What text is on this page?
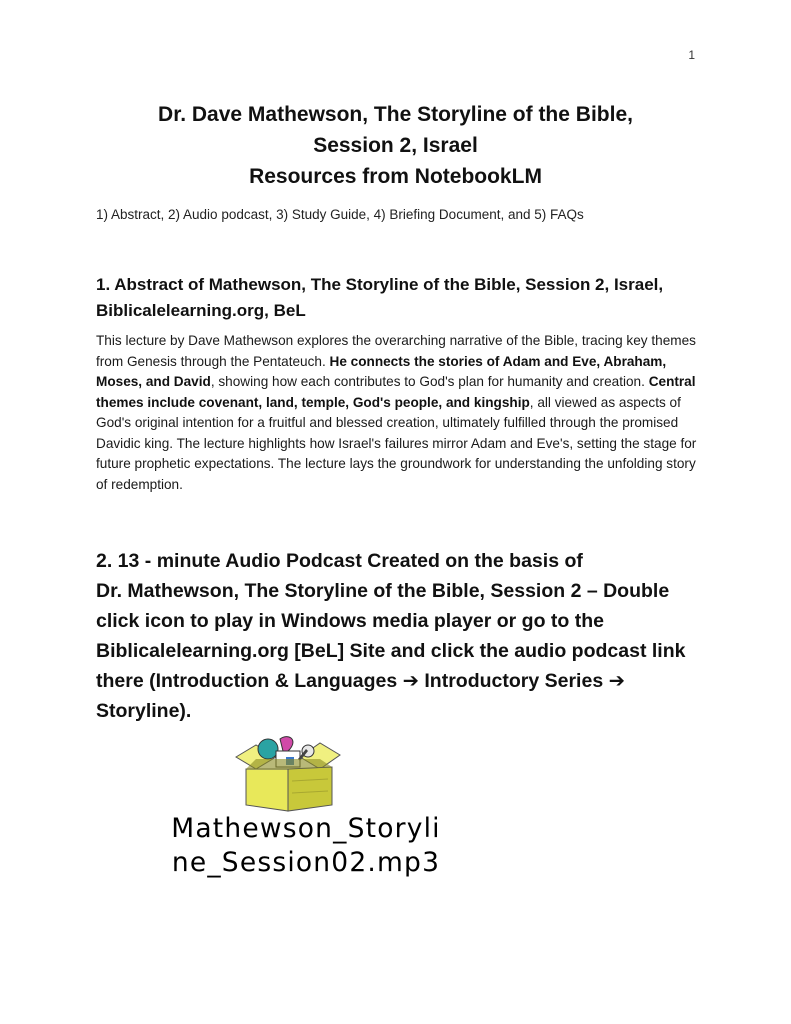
1
Dr. Dave Mathewson, The Storyline of the Bible,
Session 2, Israel
Resources from NotebookLM
1) Abstract, 2) Audio podcast, 3) Study Guide, 4) Briefing Document, and 5) FAQs
1. Abstract of Mathewson, The Storyline of the Bible, Session 2, Israel,
Biblicalelearning.org, BeL
This lecture by Dave Mathewson explores the overarching narrative of the Bible, tracing key themes from Genesis through the Pentateuch. He connects the stories of Adam and Eve, Abraham, Moses, and David, showing how each contributes to God's plan for humanity and creation. Central themes include covenant, land, temple, God's people, and kingship, all viewed as aspects of God's original intention for a fruitful and blessed creation, ultimately fulfilled through the promised Davidic king. The lecture highlights how Israel's failures mirror Adam and Eve's, setting the stage for future prophetic expectations. The lecture lays the groundwork for understanding the unfolding story of redemption.
2. 13 - minute Audio Podcast Created on the basis of
Dr. Mathewson, The Storyline of the Bible, Session 2 – Double click icon to play in Windows media player or go to the Biblicalelearning.org [BeL] Site and click the audio podcast link there (Introduction & Languages ➔ Introductory Series ➔
Storyline).
Mathewson_Storyli
ne_Session02.mp3
